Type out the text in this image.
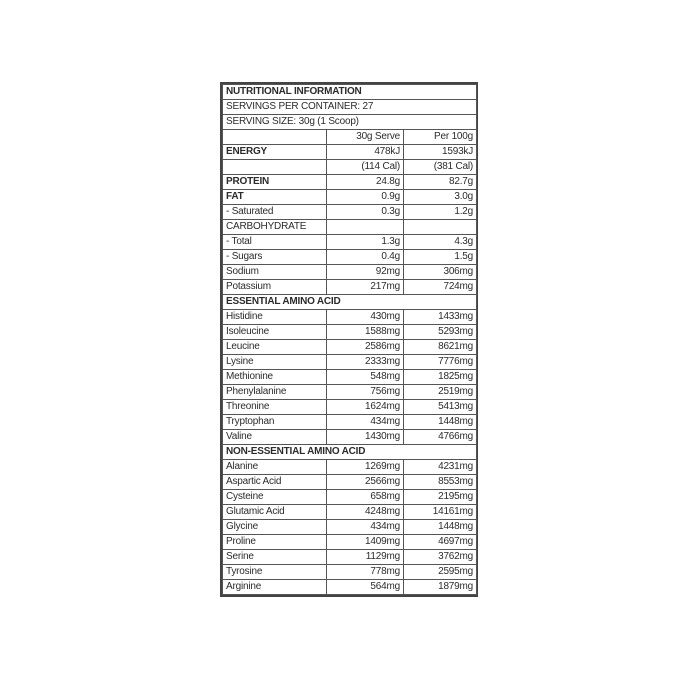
NUTRITIONAL INFORMATION		
SERVINGS PER CONTAINER: 27		
SERVING SIZE: 30g (1 Scoop)		
	30g Serve	Per 100g
ENERGY	478kJ	1593kJ
	(114 Cal)	(381 Cal)
PROTEIN	24.8g	82.7g
FAT	0.9g	3.0g
- Saturated	0.3g	1.2g
CARBOHYDRATE		
- Total	1.3g	4.3g
- Sugars	0.4g	1.5g
Sodium	92mg	306mg
Potassium	217mg	724mg
ESSENTIAL AMINO ACID		
Histidine	430mg	1433mg
Isoleucine	1588mg	5293mg
Leucine	2586mg	8621mg
Lysine	2333mg	7776mg
Methionine	548mg	1825mg
Phenylalanine	756mg	2519mg
Threonine	1624mg	5413mg
Tryptophan	434mg	1448mg
Valine	1430mg	4766mg
NON-ESSENTIAL AMINO ACID		
Alanine	1269mg	4231mg
Aspartic Acid	2566mg	8553mg
Cysteine	658mg	2195mg
Glutamic Acid	4248mg	14161mg
Glycine	434mg	1448mg
Proline	1409mg	4697mg
Serine	1129mg	3762mg
Tyrosine	778mg	2595mg
Arginine	564mg	1879mg
